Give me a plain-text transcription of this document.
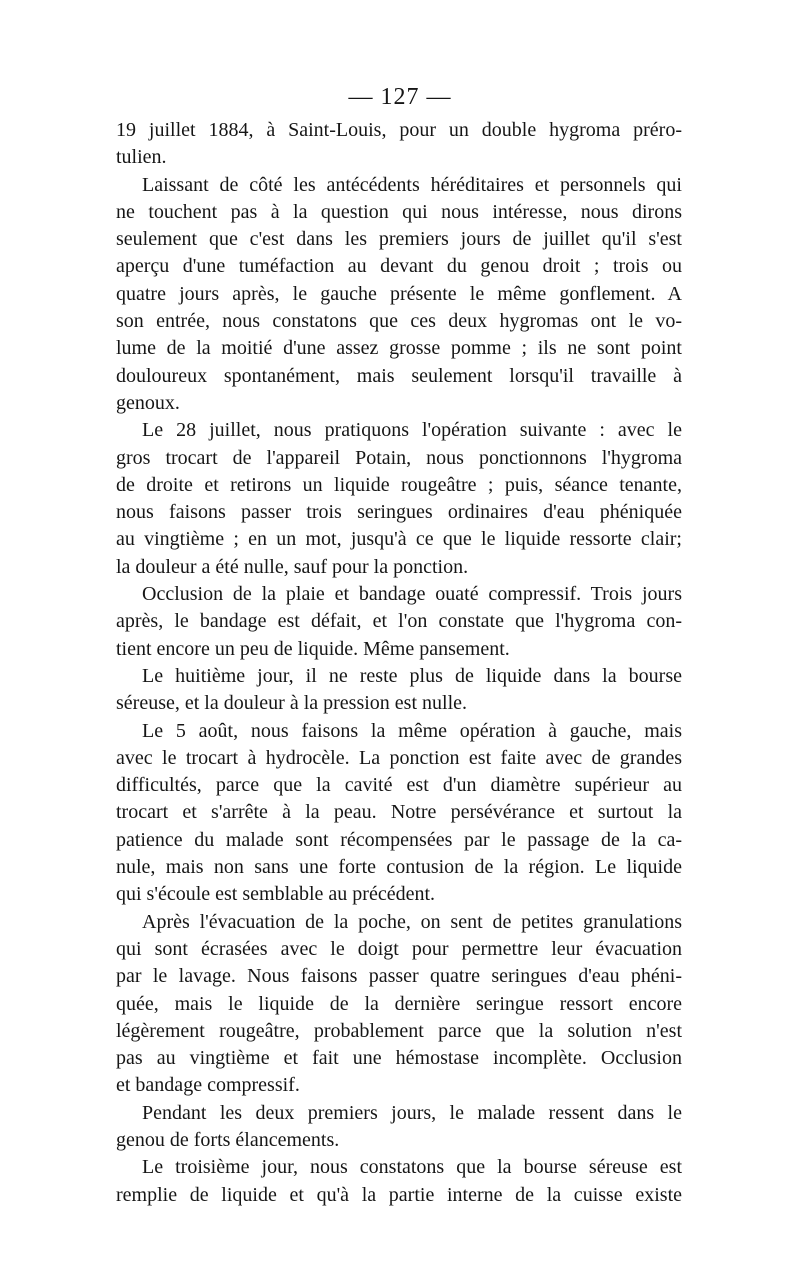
— 127 —
19 juillet 1884, à Saint-Louis, pour un double hygroma préro-
tulien.
Laissant de côté les antécédents héréditaires et personnels qui
ne touchent pas à la question qui nous intéresse, nous dirons
seulement que c'est dans les premiers jours de juillet qu'il s'est
aperçu d'une tuméfaction au devant du genou droit ; trois ou
quatre jours après, le gauche présente le même gonflement. A
son entrée, nous constatons que ces deux hygromas ont le vo-
lume de la moitié d'une assez grosse pomme ; ils ne sont point
douloureux spontanément, mais seulement lorsqu'il travaille à
genoux.
Le 28 juillet, nous pratiquons l'opération suivante : avec le
gros trocart de l'appareil Potain, nous ponctionnons l'hygroma
de droite et retirons un liquide rougeâtre ; puis, séance tenante,
nous faisons passer trois seringues ordinaires d'eau phéniquée
au vingtième ; en un mot, jusqu'à ce que le liquide ressorte clair;
la douleur a été nulle, sauf pour la ponction.
Occlusion de la plaie et bandage ouaté compressif. Trois jours
après, le bandage est défait, et l'on constate que l'hygroma con-
tient encore un peu de liquide. Même pansement.
Le huitième jour, il ne reste plus de liquide dans la bourse
séreuse, et la douleur à la pression est nulle.
Le 5 août, nous faisons la même opération à gauche, mais
avec le trocart à hydrocèle. La ponction est faite avec de grandes
difficultés, parce que la cavité est d'un diamètre supérieur au
trocart et s'arrête à la peau. Notre persévérance et surtout la
patience du malade sont récompensées par le passage de la ca-
nule, mais non sans une forte contusion de la région. Le liquide
qui s'écoule est semblable au précédent.
Après l'évacuation de la poche, on sent de petites granulations
qui sont écrasées avec le doigt pour permettre leur évacuation
par le lavage. Nous faisons passer quatre seringues d'eau phéni-
quée, mais le liquide de la dernière seringue ressort encore
légèrement rougeâtre, probablement parce que la solution n'est
pas au vingtième et fait une hémostase incomplète. Occlusion
et bandage compressif.
Pendant les deux premiers jours, le malade ressent dans le
genou de forts élancements.
Le troisième jour, nous constatons que la bourse séreuse est
remplie de liquide et qu'à la partie interne de la cuisse existe
